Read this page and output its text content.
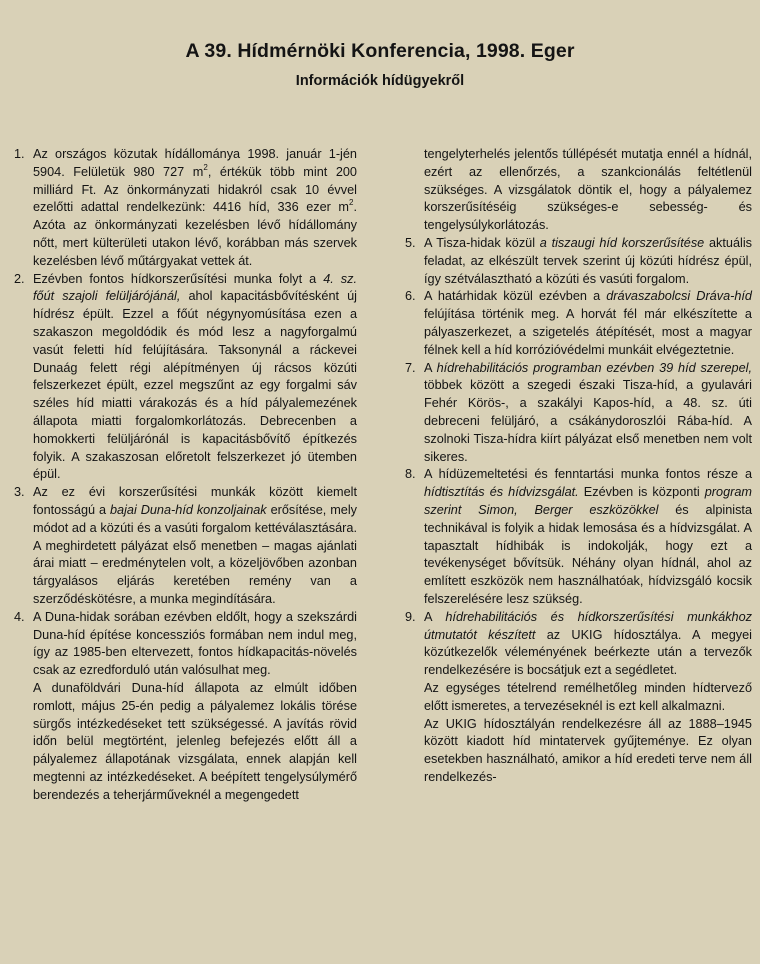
A 39. Hídmérnöki Konferencia, 1998. Eger
Információk hídügyekről
1. Az országos közutak hídállománya 1998. január 1-jén 5904. Felületük 980 727 $m^2$, értékük több mint 200 milliárd Ft. Az önkormányzati hidakról csak 10 évvel ezelőtti adattal rendelkezünk: 4416 híd, 336 ezer $m^2$. Azóta az önkormányzati kezelésben lévő hídállomány nőtt, mert külterületi utakon lévő, korábban más szervek kezelésben lévő műtárgyakat vettek át.
2. Ezévben fontos hídkorszerűsítési munka folyt a 4. sz. főút szajoli felüljárójánál, ahol kapacitásbővítésként új hídrész épült. Ezzel a főút négynyomúsítása ezen a szakaszon megoldódik és mód lesz a nagyforgalmú vasút feletti híd felújítására. Taksonynál a ráckevei Dunaág felett régi alépítményen új rácsos közúti felszerkezet épült, ezzel megszűnt az egy forgalmi sáv széles híd miatti várakozás és a híd pályalemezének állapota miatti forgalomkorlátozás. Debrecenben a homokkerti felüljárónál is kapacitásbővítő építkezés folyik. A szakaszosan előretolt felszerkezet jó ütemben épül.
3. Az ez évi korszerűsítési munkák között kiemelt fontosságú a bajai Duna-híd konzoljainak erősítése, mely módot ad a közúti és a vasúti forgalom kettéválasztására. A meghirdetett pályázat első menetben – magas ajánlati árai miatt – eredménytelen volt, a közeljövőben azonban tárgyalásos eljárás keretében remény van a szerződéskötésre, a munka megindítására.
4. A Duna-hidak sorában ezévben eldőlt, hogy a szekszárdi Duna-híd építése koncessziós formában nem indul meg, így az 1985-ben eltervezett, fontos hídkapacitás-növelés csak az ezredforduló után valósulhat meg.

A dunaföldvári Duna-híd állapota az elmúlt időben romlott, május 25-én pedig a pályalemez lokális törése sürgős intézkedéseket tett szükségessé. A javítás rövid időn belül megtörtént, jelenleg befejezés előtt áll a pályalemez állapotának vizsgálata, ennek alapján kell megtenni az intézkedéseket. A beépített tengelysúlymérő berendezés a teherjárműveknél a megengedett

tengelyterhelés jelentős túllépését mutatja ennél a hídnál, ezért az ellenőrzés, a szankcionálás feltétlenül szükséges. A vizsgálatok döntik el, hogy a pályalemez korszerűsítéséig szükséges-e sebesség- és tengelysúlykorlátozás.
5. A Tisza-hidak közül a tiszaugi híd korszerűsítése aktuális feladat, az elkészült tervek szerint új közúti hídrész épül, így szétválasztható a közúti és vasúti forgalom.
6. A határhidak közül ezévben a drávaszabolcsi Dráva-híd felújítása történik meg. A horvát fél már elkészítette a pályaszerkezet, a szigetelés átépítését, most a magyar félnek kell a híd korrózióvédelmi munkáit elvégeztetnie.
7. A hídrehabilitációs programban ezévben 39 híd szerepel, többek között a szegedi északi Tisza-híd, a gyulavári Fehér Körös-, a szakályi Kapos-híd, a 48. sz. úti debreceni felüljáró, a csákánydoroszlói Rába-híd. A szolnoki Tisza-hídra kiírt pályázat első menetben nem volt sikeres.
8. A hídüzemeltetési és fenntartási munka fontos része a hídtisztítás és hídvizsgálat. Ezévben is központi program szerint Simon, Berger eszközökkel és alpinista technikával is folyik a hidak lemosása és a hídvizsgálat. A tapasztalt hídhibák is indokolják, hogy ezt a tevékenységet bővítsük. Néhány olyan hídnál, ahol az említett eszközök nem használhatóak, hídvizsgáló kocsik felszerelésére lesz szükség.
9. A hídrehabilitációs és hídkorszerűsítési munkákhoz útmutatót készített az UKIG hídosztálya. A megyei közútkezelők véleményének beérkezte után a tervezők rendelkezésére is bocsátjuk ezt a segédletet.

Az egységes tételrend remélhetőleg minden hídtervező előtt ismeretes, a tervezéseknél is ezt kell alkalmazni.

Az UKIG hídosztályán rendelkezésre áll az 1888–1945 között kiadott híd mintatervek gyűjteménye. Ez olyan esetekben használható, amikor a híd eredeti terve nem áll rendelkezés-
